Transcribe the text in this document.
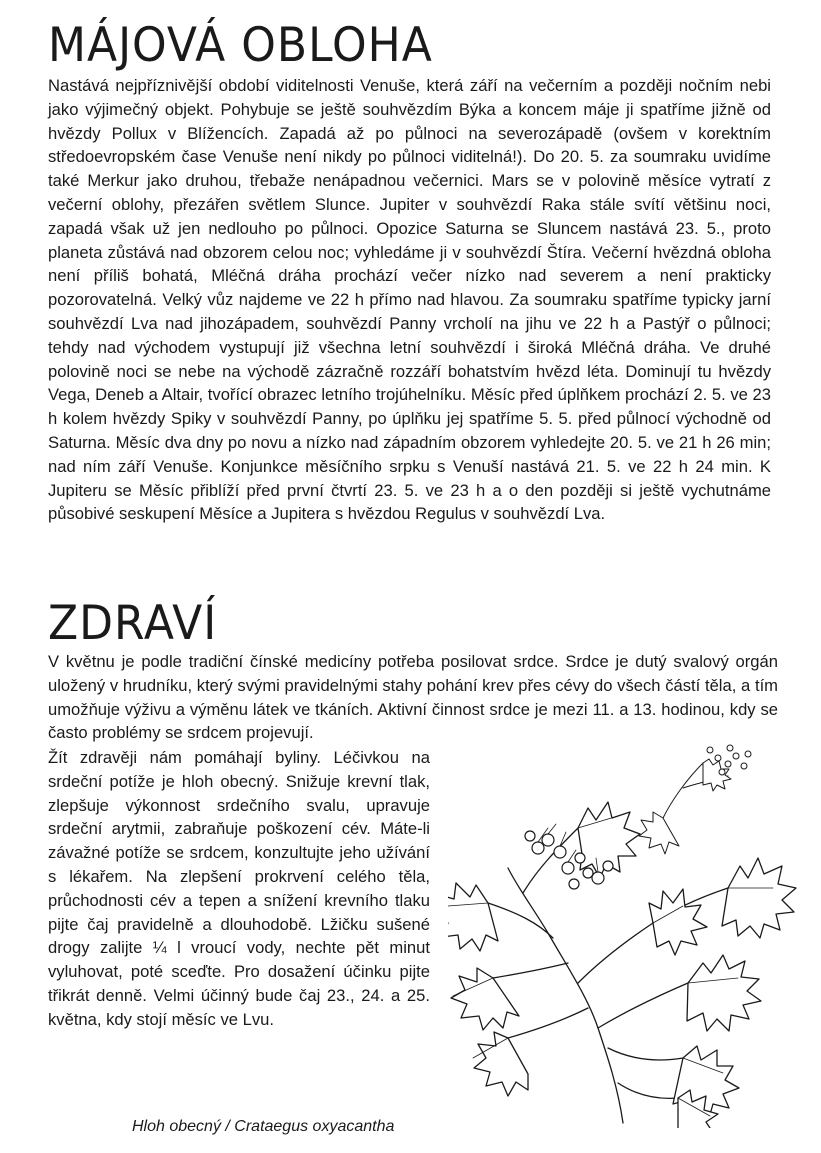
MÁJOVÁ OBLOHA

Nastává nejpříznivější období viditelnosti Venuše, která září na večerním a později nočním nebi jako výjimečný objekt. Pohybuje se ještě souhvězdím Býka a koncem máje ji spatříme jižně od hvězdy Pollux v Blížencích. Zapadá až po půlnoci na severozápadě (ovšem v korektním středoevropském čase Venuše není nikdy po půlnoci viditelná!). Do 20. 5. za soumraku uvidíme také Merkur jako druhou, třebaže nenápadnou večernici. Mars se v polovině měsíce vytratí z večerní oblohy, přezářen světlem Slunce. Jupiter v souhvězdí Raka stále svítí většinu noci, zapadá však už jen nedlouho po půlnoci. Opozice Saturna se Sluncem nastává 23. 5., proto planeta zůstává nad obzorem celou noc; vyhledáme ji v souhvězdí Štíra. Večerní hvězdná obloha není příliš bohatá, Mléčná dráha prochází večer nízko nad severem a není prakticky pozorovatelná. Velký vůz najdeme ve 22 h přímo nad hlavou. Za soumraku spatříme typicky jarní souhvězdí Lva nad jihozápadem, souhvězdí Panny vrcholí na jihu ve 22 h a Pastýř o půlnoci; tehdy nad východem vystupují již všechna letní souhvězdí i široká Mléčná dráha. Ve druhé polovině noci se nebe na východě zázračně rozzáří bohatstvím hvězd léta. Dominují tu hvězdy Vega, Deneb a Altair, tvořící obrazec letního trojúhelníku. Měsíc před úplňkem prochází 2. 5. ve 23 h kolem hvězdy Spiky v souhvězdí Panny, po úplňku jej spatříme 5. 5. před půlnocí východně od Saturna. Měsíc dva dny po novu a nízko nad západním obzorem vyhledejte 20. 5. ve 21 h 26 min; nad ním září Venuše. Konjunkce měsíčního srpku s Venuší nastává 21. 5. ve 22 h 24 min. K Jupiteru se Měsíc přiblíží před první čtvrtí 23. 5. ve 23 h a o den později si ještě vychutnáme působivé seskupení Měsíce a Jupitera s hvězdou Regulus v souhvězdí Lva.

ZDRAVÍ

V květnu je podle tradiční čínské medicíny potřeba posilovat srdce. Srdce je dutý svalový orgán uložený v hrudníku, který svými pravidelnými stahy pohání krev přes cévy do všech částí těla, a tím umožňuje výživu a výměnu látek ve tkáních. Aktivní činnost srdce je mezi 11. a 13. hodinou, kdy se často problémy se srdcem projevují.

Žít zdravěji nám pomáhají byliny. Léčivkou na srdeční potíže je hloh obecný. Snižuje krevní tlak, zlepšuje výkonnost srdečního svalu, upravuje srdeční arytmii, zabraňuje poškození cév. Máte-li závažné potíže se srdcem, konzultujte jeho užívání s lékařem. Na zlepšení prokrvení celého těla, průchodnosti cév a tepen a snížení krevního tlaku pijte čaj pravidelně a dlouhodobě. Lžičku sušené drogy zalijte ¼ l vroucí vody, nechte pět minut vyluhovat, poté sceďte. Pro dosažení účinku pijte třikrát denně. Velmi účinný bude čaj 23., 24. a 25. května, kdy stojí měsíc ve Lvu.

Hloh obecný / Crataegus oxyacantha
